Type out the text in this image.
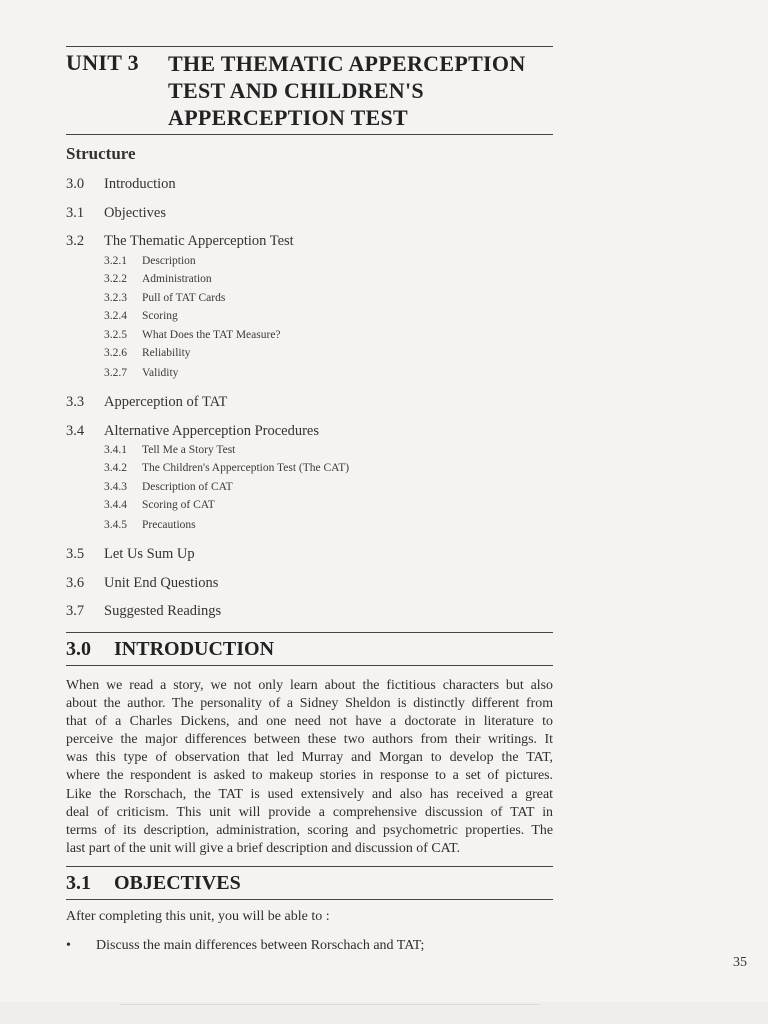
UNIT 3 THE THEMATIC APPERCEPTION
TEST AND CHILDREN'S
APPERCEPTION TEST
Structure
3.0 Introduction
3.1 Objectives
3.2 The Thematic Apperception Test
3.2.1 Description
3.2.2 Administration
3.2.3 Pull of TAT Cards
3.2.4 Scoring
3.2.5 What Does the TAT Measure?
3.2.6 Reliability
3.2.7 Validity
3.3 Apperception of TAT
3.4 Alternative Apperception Procedures
3.4.1 Tell Me a Story Test
3.4.2 The Children's Apperception Test (The CAT)
3.4.3 Description of CAT
3.4.4 Scoring of CAT
3.4.5 Precautions
3.5 Let Us Sum Up
3.6 Unit End Questions
3.7 Suggested Readings
3.0 INTRODUCTION
When we read a story, we not only learn about the fictitious characters but also
about the author. The personality of a Sidney Sheldon is distinctly different from
that of a Charles Dickens, and one need not have a doctorate in literature to
perceive the major differences between these two authors from their writings. It
was this type of observation that led Murray and Morgan to develop the TAT,
where the respondent is asked to makeup stories in response to a set of pictures.
Like the Rorschach, the TAT is used extensively and also has received a great
deal of criticism. This unit will provide a comprehensive discussion of TAT in
terms of its description, administration, scoring and psychometric properties. The
last part of the unit will give a brief description and discussion of CAT.
3.1 OBJECTIVES
After completing this unit, you will be able to :
• Discuss the main differences between Rorschach and TAT;
35
